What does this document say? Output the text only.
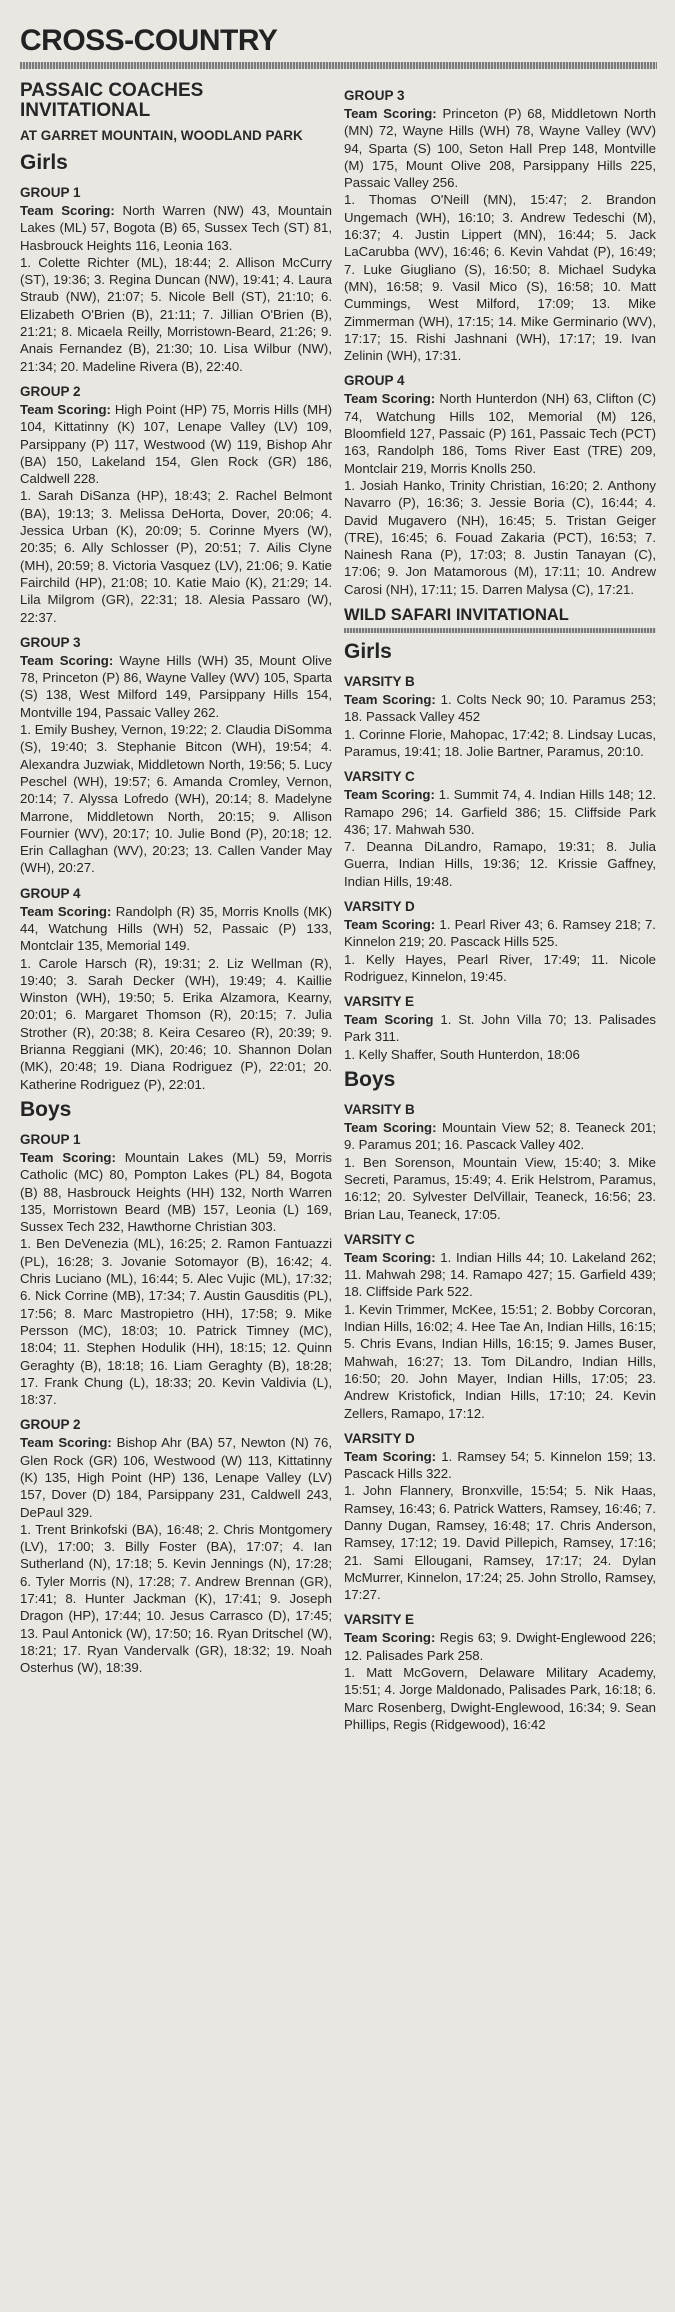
CROSS-COUNTRY
PASSAIC COACHES INVITATIONAL
AT GARRET MOUNTAIN, WOODLAND PARK
Girls
GROUP 1

Team Scoring: North Warren (NW) 43, Mountain Lakes (ML) 57, Bogota (B) 65, Sussex Tech (ST) 81, Hasbrouck Heights 116, Leonia 163.

1. Colette Richter (ML), 18:44; 2. Allison McCurry (ST), 19:36; 3. Regina Duncan (NW), 19:41; 4. Laura Straub (NW), 21:07; 5. Nicole Bell (ST), 21:10; 6. Elizabeth O'Brien (B), 21:11; 7. Jillian O'Brien (B), 21:21; 8. Micaela Reilly, Morristown-Beard, 21:26; 9. Anais Fernandez (B), 21:30; 10. Lisa Wilbur (NW), 21:34; 20. Madeline Rivera (B), 22:40.

GROUP 2

Team Scoring: High Point (HP) 75, Morris Hills (MH) 104, Kittatinny (K) 107, Lenape Valley (LV) 109, Parsippany (P) 117, Westwood (W) 119, Bishop Ahr (BA) 150, Lakeland 154, Glen Rock (GR) 186, Caldwell 228.

1. Sarah DiSanza (HP), 18:43; 2. Rachel Belmont (BA), 19:13; 3. Melissa DeHorta, Dover, 20:06; 4. Jessica Urban (K), 20:09; 5. Corinne Myers (W), 20:35; 6. Ally Schlosser (P), 20:51; 7. Ailis Clyne (MH), 20:59; 8. Victoria Vasquez (LV), 21:06; 9. Katie Fairchild (HP), 21:08; 10. Katie Maio (K), 21:29; 14. Lila Milgrom (GR), 22:31; 18. Alesia Passaro (W), 22:37.

GROUP 3

Team Scoring: Wayne Hills (WH) 35, Mount Olive 78, Princeton (P) 86, Wayne Valley (WV) 105, Sparta (S) 138, West Milford 149, Parsippany Hills 154, Montville 194, Passaic Valley 262.

1. Emily Bushey, Vernon, 19:22; 2. Claudia DiSomma (S), 19:40; 3. Stephanie Bitcon (WH), 19:54; 4. Alexandra Juzwiak, Middletown North, 19:56; 5. Lucy Peschel (WH), 19:57; 6. Amanda Cromley, Vernon, 20:14; 7. Alyssa Lofredo (WH), 20:14; 8. Madelyne Marrone, Middletown North, 20:15; 9. Allison Fournier (WV), 20:17; 10. Julie Bond (P), 20:18; 12. Erin Callaghan (WV), 20:23; 13. Callen Vander May (WH), 20:27.

GROUP 4

Team Scoring: Randolph (R) 35, Morris Knolls (MK) 44, Watchung Hills (WH) 52, Passaic (P) 133, Montclair 135, Memorial 149.

1. Carole Harsch (R), 19:31; 2. Liz Wellman (R), 19:40; 3. Sarah Decker (WH), 19:49; 4. Kaillie Winston (WH), 19:50; 5. Erika Alzamora, Kearny, 20:01; 6. Margaret Thomson (R), 20:15; 7. Julia Strother (R), 20:38; 8. Keira Cesareo (R), 20:39; 9. Brianna Reggiani (MK), 20:46; 10. Shannon Dolan (MK), 20:48; 19. Diana Rodriguez (P), 22:01; 20. Katherine Rodriguez (P), 22:01.

Boys
GROUP 1

Team Scoring: Mountain Lakes (ML) 59, Morris Catholic (MC) 80, Pompton Lakes (PL) 84, Bogota (B) 88, Hasbrouck Heights (HH) 132, North Warren 135, Morristown Beard (MB) 157, Leonia (L) 169, Sussex Tech 232, Hawthorne Christian 303.

1. Ben DeVenezia (ML), 16:25; 2. Ramon Fantuazzi (PL), 16:28; 3. Jovanie Sotomayor (B), 16:42; 4. Chris Luciano (ML), 16:44; 5. Alec Vujic (ML), 17:32; 6. Nick Corrine (MB), 17:34; 7. Austin Gausditis (PL), 17:56; 8. Marc Mastropietro (HH), 17:58; 9. Mike Persson (MC), 18:03; 10. Patrick Timney (MC), 18:04; 11. Stephen Hodulik (HH), 18:15; 12. Quinn Geraghty (B), 18:18; 16. Liam Geraghty (B), 18:28; 17. Frank Chung (L), 18:33; 20. Kevin Valdivia (L), 18:37.

GROUP 2

Team Scoring: Bishop Ahr (BA) 57, Newton (N) 76, Glen Rock (GR) 106, Westwood (W) 113, Kittatinny (K) 135, High Point (HP) 136, Lenape Valley (LV) 157, Dover (D) 184, Parsippany 231, Caldwell 243, DePaul 329.

1. Trent Brinkofski (BA), 16:48; 2. Chris Montgomery (LV), 17:00; 3. Billy Foster (BA), 17:07; 4. Ian Sutherland (N), 17:18; 5. Kevin Jennings (N), 17:28; 6. Tyler Morris (N), 17:28; 7. Andrew Brennan (GR), 17:41; 8. Hunter Jackman (K), 17:41; 9. Joseph Dragon (HP), 17:44; 10. Jesus Carrasco (D), 17:45; 13. Paul Antonick (W), 17:50; 16. Ryan Dritschel (W), 18:21; 17. Ryan Vandervalk (GR), 18:32; 19. Noah Osterhus (W), 18:39.

GROUP 3

Team Scoring: Princeton (P) 68, Middletown North (MN) 72, Wayne Hills (WH) 78, Wayne Valley (WV) 94, Sparta (S) 100, Seton Hall Prep 148, Montville (M) 175, Mount Olive 208, Parsippany Hills 225, Passaic Valley 256.

1. Thomas O'Neill (MN), 15:47; 2. Brandon Ungemach (WH), 16:10; 3. Andrew Tedeschi (M), 16:37; 4. Justin Lippert (MN), 16:44; 5. Jack LaCarubba (WV), 16:46; 6. Kevin Vahdat (P), 16:49; 7. Luke Giugliano (S), 16:50; 8. Michael Sudyka (MN), 16:58; 9. Vasil Mico (S), 16:58; 10. Matt Cummings, West Milford, 17:09; 13. Mike Zimmerman (WH), 17:15; 14. Mike Germinario (WV), 17:17; 15. Rishi Jashnani (WH), 17:17; 19. Ivan Zelinin (WH), 17:31.

GROUP 4

Team Scoring: North Hunterdon (NH) 63, Clifton (C) 74, Watchung Hills 102, Memorial (M) 126, Bloomfield 127, Passaic (P) 161, Passaic Tech (PCT) 163, Randolph 186, Toms River East (TRE) 209, Montclair 219, Morris Knolls 250.

1. Josiah Hanko, Trinity Christian, 16:20; 2. Anthony Navarro (P), 16:36; 3. Jessie Boria (C), 16:44; 4. David Mugavero (NH), 16:45; 5. Tristan Geiger (TRE), 16:45; 6. Fouad Zakaria (PCT), 16:53; 7. Nainesh Rana (P), 17:03; 8. Justin Tanayan (C), 17:06; 9. Jon Matamorous (M), 17:11; 10. Andrew Carosi (NH), 17:11; 15. Darren Malysa (C), 17:21.

WILD SAFARI INVITATIONAL
Girls
VARSITY B

Team Scoring: 1. Colts Neck 90; 10. Paramus 253; 18. Passack Valley 452

1. Corinne Florie, Mahopac, 17:42; 8. Lindsay Lucas, Paramus, 19:41; 18. Jolie Bartner, Paramus, 20:10.

VARSITY C

Team Scoring: 1. Summit 74, 4. Indian Hills 148; 12. Ramapo 296; 14. Garfield 386; 15. Cliffside Park 436; 17. Mahwah 530.

7. Deanna DiLandro, Ramapo, 19:31; 8. Julia Guerra, Indian Hills, 19:36; 12. Krissie Gaffney, Indian Hills, 19:48.

VARSITY D

Team Scoring: 1. Pearl River 43; 6. Ramsey 218; 7. Kinnelon 219; 20. Pascack Hills 525.

1. Kelly Hayes, Pearl River, 17:49; 11. Nicole Rodriguez, Kinnelon, 19:45.

VARSITY E

Team Scoring 1. St. John Villa 70; 13. Palisades Park 311.

1. Kelly Shaffer, South Hunterdon, 18:06

Boys
VARSITY B

Team Scoring: Mountain View 52; 8. Teaneck 201; 9. Paramus 201; 16. Pascack Valley 402.

1. Ben Sorenson, Mountain View, 15:40; 3. Mike Secreti, Paramus, 15:49; 4. Erik Helstrom, Paramus, 16:12; 20. Sylvester DelVillair, Teaneck, 16:56; 23. Brian Lau, Teaneck, 17:05.

VARSITY C

Team Scoring: 1. Indian Hills 44; 10. Lakeland 262; 11. Mahwah 298; 14. Ramapo 427; 15. Garfield 439; 18. Cliffside Park 522.

1. Kevin Trimmer, McKee, 15:51; 2. Bobby Corcoran, Indian Hills, 16:02; 4. Hee Tae An, Indian Hills, 16:15; 5. Chris Evans, Indian Hills, 16:15; 9. James Buser, Mahwah, 16:27; 13. Tom DiLandro, Indian Hills, 16:50; 20. John Mayer, Indian Hills, 17:05; 23. Andrew Kristofick, Indian Hills, 17:10; 24. Kevin Zellers, Ramapo, 17:12.

VARSITY D

Team Scoring: 1. Ramsey 54; 5. Kinnelon 159; 13. Pascack Hills 322.

1. John Flannery, Bronxville, 15:54; 5. Nik Haas, Ramsey, 16:43; 6. Patrick Watters, Ramsey, 16:46; 7. Danny Dugan, Ramsey, 16:48; 17. Chris Anderson, Ramsey, 17:12; 19. David Pillepich, Ramsey, 17:16; 21. Sami Ellougani, Ramsey, 17:17; 24. Dylan McMurrer, Kinnelon, 17:24; 25. John Strollo, Ramsey, 17:27.

VARSITY E

Team Scoring: Regis 63; 9. Dwight-Englewood 226; 12. Palisades Park 258.

1. Matt McGovern, Delaware Military Academy, 15:51; 4. Jorge Maldonado, Palisades Park, 16:18; 6. Marc Rosenberg, Dwight-Englewood, 16:34; 9. Sean Phillips, Regis (Ridgewood), 16:42
